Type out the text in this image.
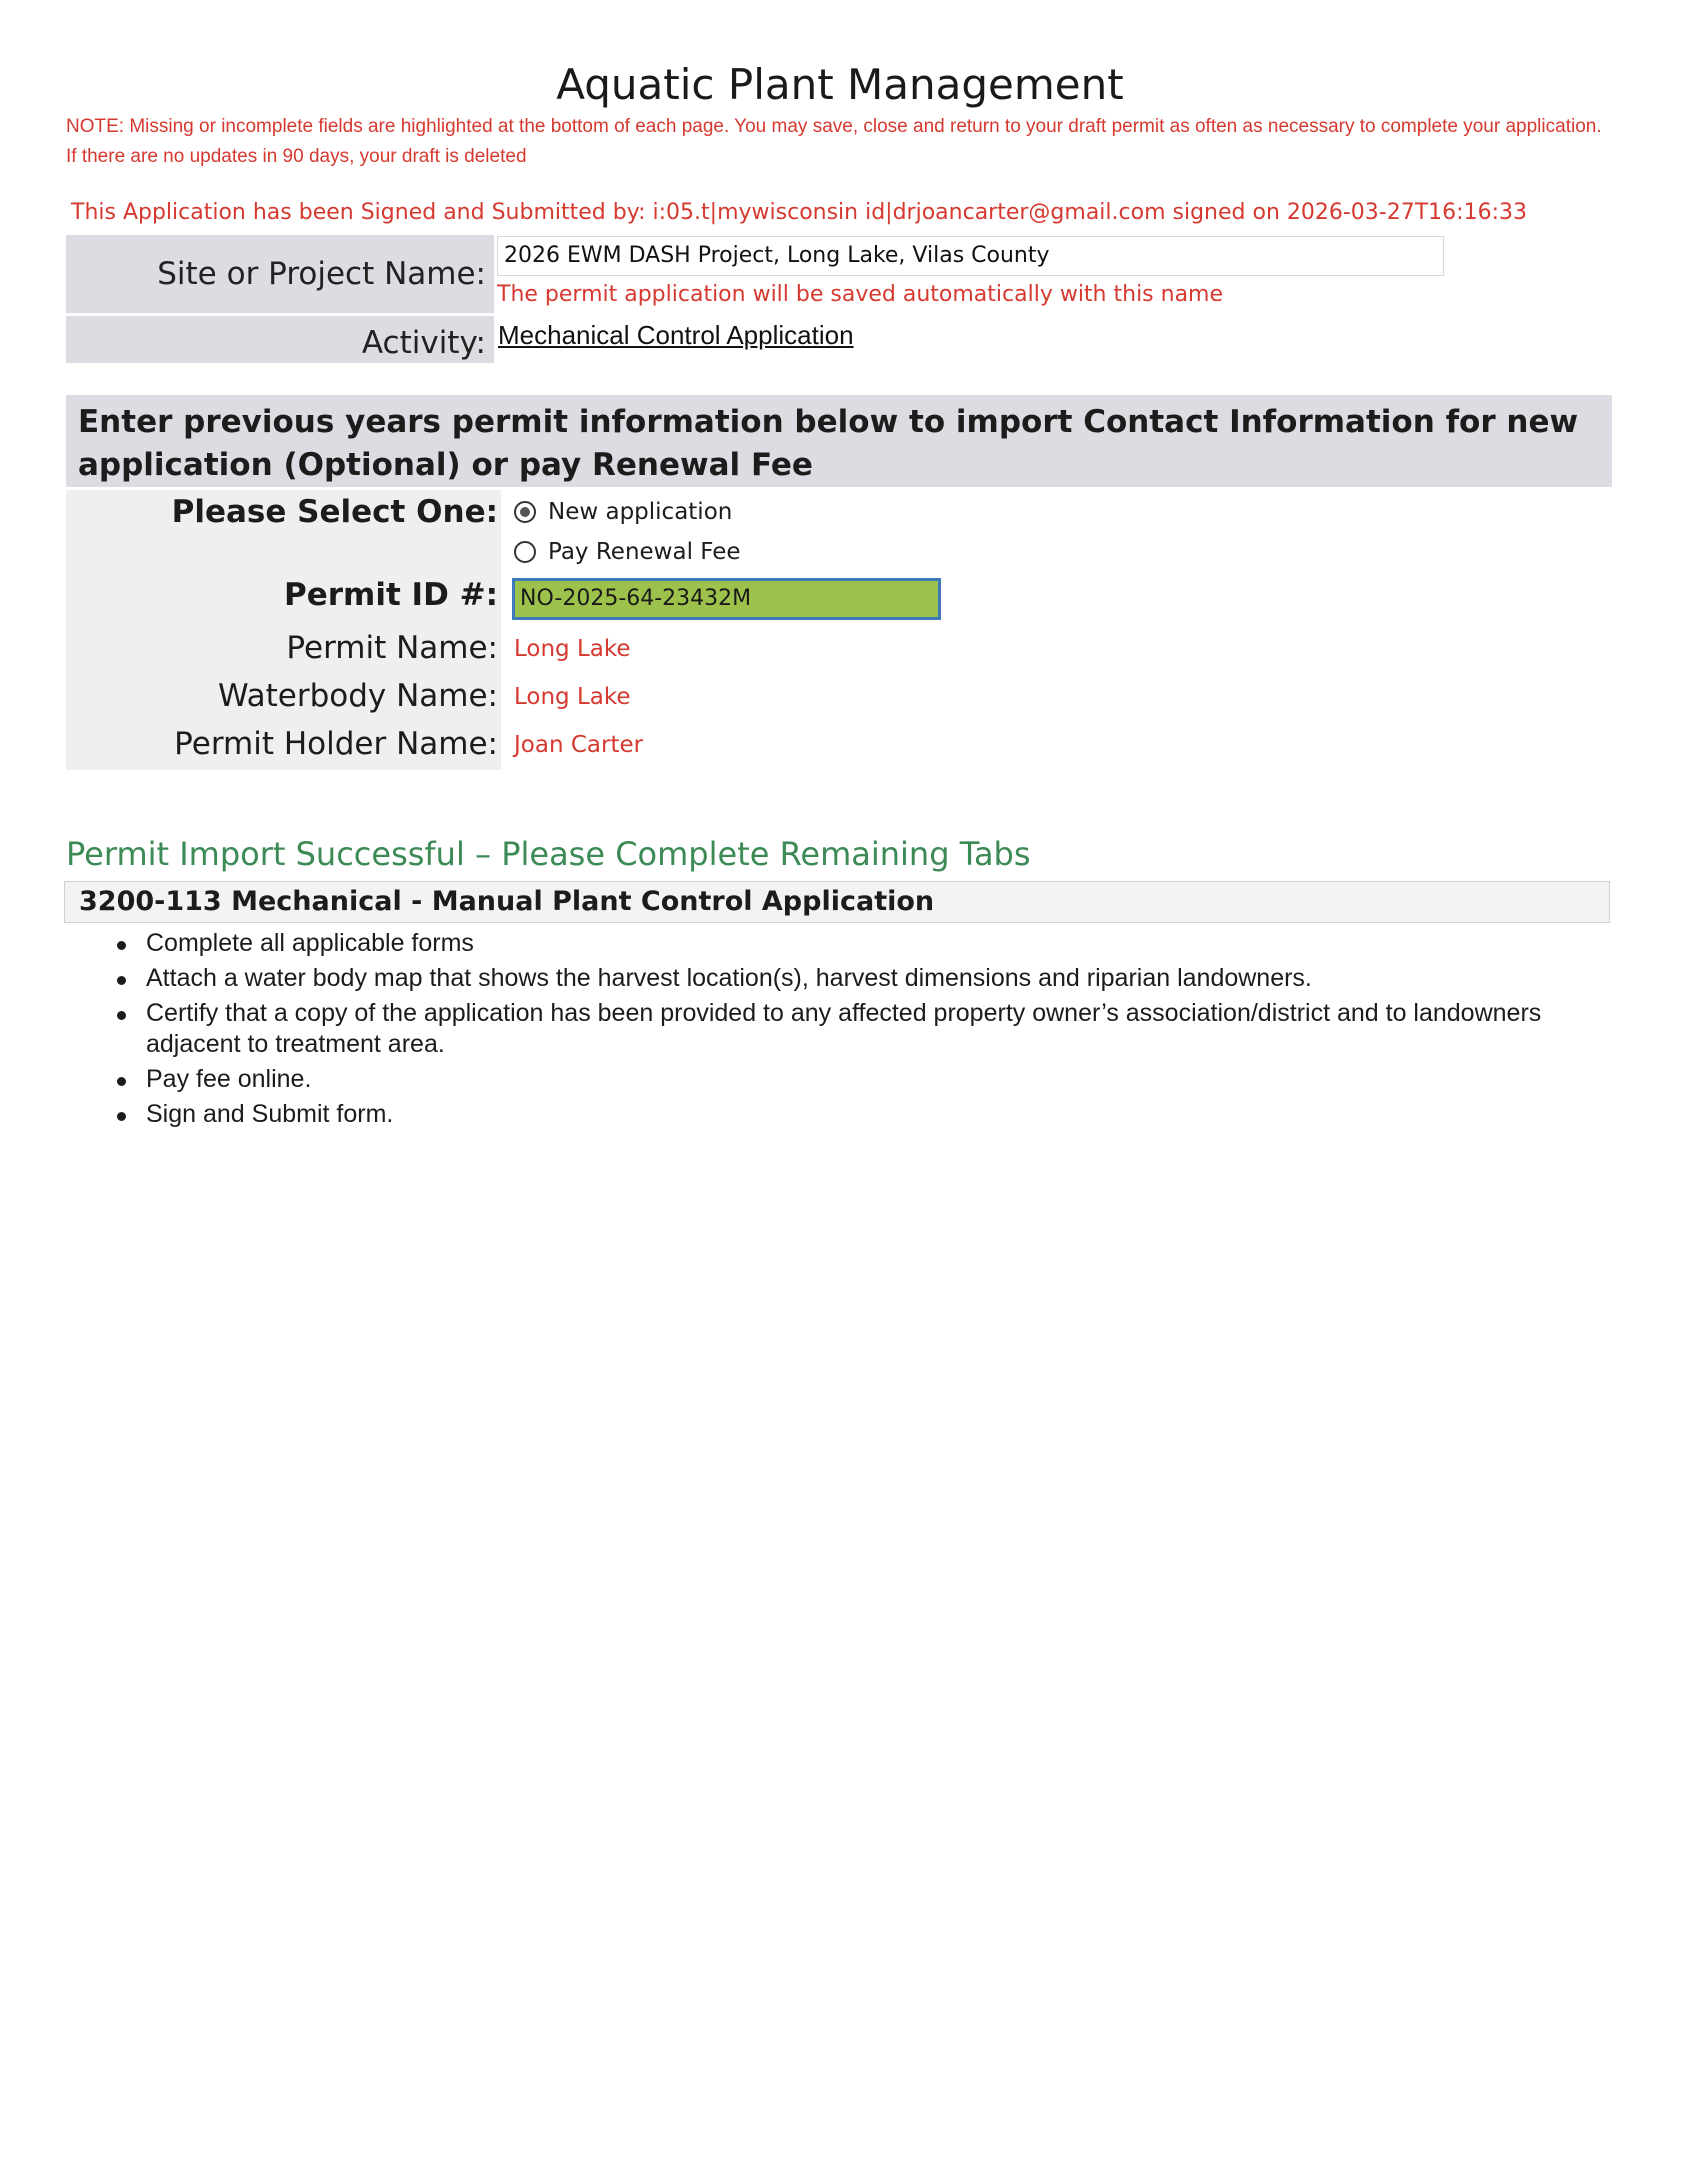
Aquatic Plant Management
NOTE: Missing or incomplete fields are highlighted at the bottom of each page. You may save, close and return to your draft permit as often as necessary to complete your application. If there are no updates in 90 days, your draft is deleted
This Application has been Signed and Submitted by: i:05.t|mywisconsin id|drjoancarter@gmail.com signed on 2026-03-27T16:16:33
Site or Project Name:
2026 EWM DASH Project, Long Lake, Vilas County
The permit application will be saved automatically with this name
Activity: Mechanical Control Application
Enter previous years permit information below to import Contact Information for new application (Optional) or pay Renewal Fee
Please Select One: New application
Pay Renewal Fee
Permit ID #:	NO-2025-64-23432M
Permit Name: Long Lake
Waterbody Name: Long Lake
Permit Holder Name: Joan Carter
Permit Import Successful – Please Complete Remaining Tabs
3200-113 Mechanical - Manual Plant Control Application
Complete all applicable forms
Attach a water body map that shows the harvest location(s), harvest dimensions and riparian landowners.
Certify that a copy of the application has been provided to any affected property owner’s association/district and to landowners adjacent to treatment area.
Pay fee online.
Sign and Submit form.
